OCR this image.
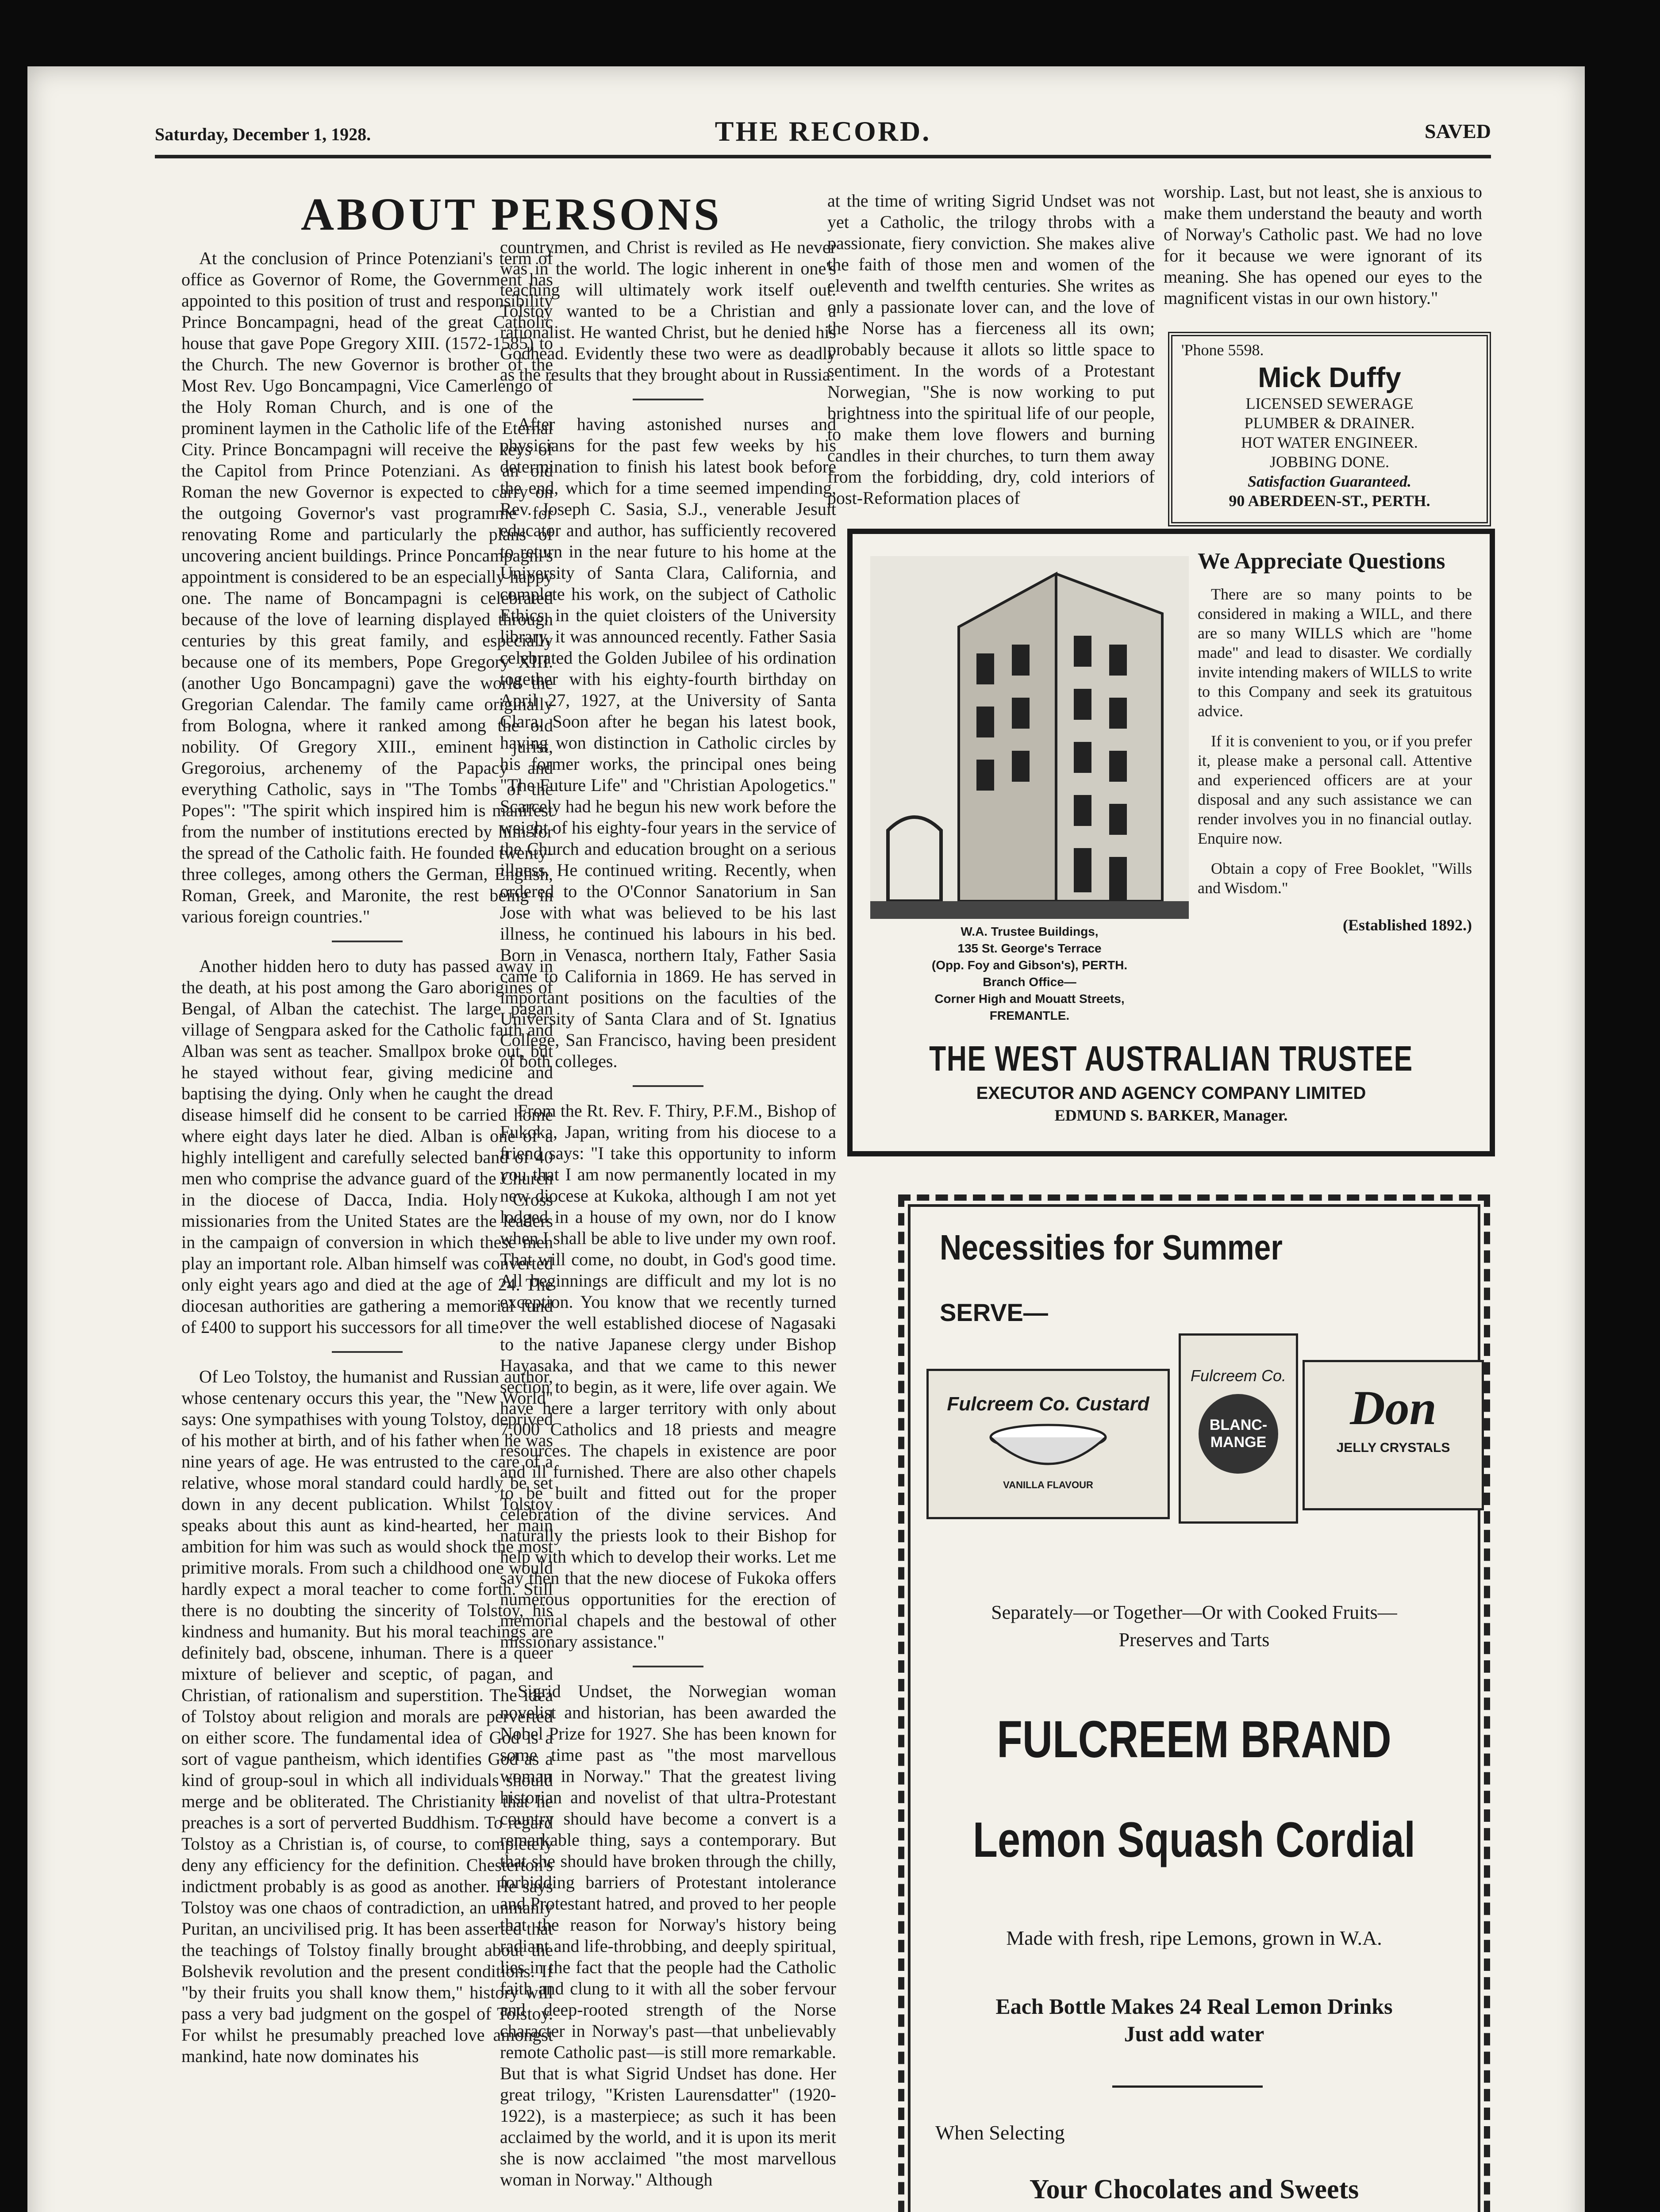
Saturday, December 1, 1928.	THE RECORD.	SAVED
ABOUT PERSONS

At the conclusion of Prince Potenziani's term of office as Governor of Rome, the Government has appointed to this position of trust and responsibility Prince Boncampagni, head of the great Catholic house that gave Pope Gregory XIII. (1572-1585) to the Church. The new Governor is brother of the Most Rev. Ugo Boncampagni, Vice Camerlengo of the Holy Roman Church, and is one of the prominent laymen in the Catholic life of the Eternal City. Prince Boncampagni will receive the keys of the Capitol from Prince Potenziani. As an old Roman the new Governor is expected to carry on the outgoing Governor's vast programme for renovating Rome and particularly the plans of uncovering ancient buildings. Prince Poncampagni's appointment is considered to be an especially happy one. The name of Boncampagni is celebrated because of the love of learning displayed through centuries by this great family, and especially because one of its members, Pope Gregory XIII. (another Ugo Boncampagni) gave the world the Gregorian Calendar. The family came originally from Bologna, where it ranked among the old nobility. Of Gregory XIII., eminent jurist, Gregoroius, archenemy of the Papacy and everything Catholic, says in "The Tombs of the Popes": "The spirit which inspired him is manifest from the number of institutions erected by him for the spread of the Catholic faith. He founded twenty-three colleges, among others the German, English, Roman, Greek, and Maronite, the rest being in various foreign countries."

Another hidden hero to duty has passed away in the death, at his post among the Garo aborigines of Bengal, of Alban the catechist. The large pagan village of Sengpara asked for the Catholic faith and Alban was sent as teacher. Smallpox broke out, but he stayed without fear, giving medicine and baptising the dying. Only when he caught the dread disease himself did he consent to be carried home where eight days later he died. Alban is one of a highly intelligent and carefully selected band of 40 men who comprise the advance guard of the Church in the diocese of Dacca, India. Holy Cross missionaries from the United States are the leaders in the campaign of conversion in which these men play an important role. Alban himself was converted only eight years ago and died at the age of 24. The diocesan authorities are gathering a memorial fund of £400 to support his successors for all time.

Of Leo Tolstoy, the humanist and Russian author, whose centenary occurs this year, the "New World" says: One sympathises with young Tolstoy, deprived of his mother at birth, and of his father when he was nine years of age. He was entrusted to the care of a relative, whose moral standard could hardly be set down in any decent publication. Whilst Tolstoy speaks about this aunt as kind-hearted, her main ambition for him was such as would shock the most primitive morals. From such a childhood one would hardly expect a moral teacher to come forth. Still there is no doubting the sincerity of Tolstoy, his kindness and humanity. But his moral teachings are definitely bad, obscene, inhuman. There is a queer mixture of believer and sceptic, of pagan, and Christian, of rationalism and superstition. The idea of Tolstoy about religion and morals are perverted on either score. The fundamental idea of God is a sort of vague pantheism, which identifies God as a kind of group-soul in which all individuals should merge and be obliterated. The Christianity that he preaches is a sort of perverted Buddhism. To regard Tolstoy as a Christian is, of course, to completely deny any efficiency for the definition. Chesterton's indictment probably is as good as another. He says Tolstoy was one chaos of contradiction, an unmanly Puritan, an uncivilised prig. It has been asserted that the teachings of Tolstoy finally brought about the Bolshevik revolution and the present conditions. If "by their fruits you shall know them," history will pass a very bad judgment on the gospel of Tolstoy. For whilst he presumably preached love amongst mankind, hate now dominates his

countrymen, and Christ is reviled as He never was in the world. The logic inherent in one's teaching will ultimately work itself out. Tolstoy wanted to be a Christian and a rationalist. He wanted Christ, but he denied his Godhead. Evidently these two were as deadly as the results that they brought about in Russia.

After having astonished nurses and physicians for the past few weeks by his determination to finish his latest book before the end, which for a time seemed impending, Rev. Joseph C. Sasia, S.J., venerable Jesuit educator and author, has sufficiently recovered to return in the near future to his home at the University of Santa Clara, California, and complete his work, on the subject of Catholic Ethics, in the quiet cloisters of the University library, it was announced recently. Father Sasia celebrated the Golden Jubilee of his ordination together with his eighty-fourth birthday on April 27, 1927, at the University of Santa Clara. Soon after he began his latest book, having won distinction in Catholic circles by his former works, the principal ones being "The Future Life" and "Christian Apologetics." Scarcely had he begun his new work before the weight of his eighty-four years in the service of the Church and education brought on a serious illness. He continued writing. Recently, when ordered to the O'Connor Sanatorium in San Jose with what was believed to be his last illness, he continued his labours in his bed. Born in Venasca, northern Italy, Father Sasia came to California in 1869. He has served in important positions on the faculties of the University of Santa Clara and of St. Ignatius College, San Francisco, having been president of both colleges.

From the Rt. Rev. F. Thiry, P.F.M., Bishop of Fukoka, Japan, writing from his diocese to a friend says: "I take this opportunity to inform you that I am now permanently located in my new diocese at Kukoka, although I am not yet lodged in a house of my own, nor do I know when I shall be able to live under my own roof. That will come, no doubt, in God's good time. All beginnings are difficult and my lot is no exception. You know that we recently turned over the well established diocese of Nagasaki to the native Japanese clergy under Bishop Hayasaka, and that we came to this newer section to begin, as it were, life over again. We have here a larger territory with only about 7,000 Catholics and 18 priests and meagre resources. The chapels in existence are poor and ill furnished. There are also other chapels to be built and fitted out for the proper celebration of the divine services. And naturally the priests look to their Bishop for help with which to develop their works. Let me say then that the new diocese of Fukoka offers numerous opportunities for the erection of memorial chapels and the bestowal of other missionary assistance."

Sigrid Undset, the Norwegian woman novelist and historian, has been awarded the Nobel Prize for 1927. She has been known for some time past as "the most marvellous woman in Norway." That the greatest living historian and novelist of that ultra-Protestant country should have become a convert is a remarkable thing, says a contemporary. But that she should have broken through the chilly, forbidding barriers of Protestant intolerance and Protestant hatred, and proved to her people that the reason for Norway's history being radiant and life-throbbing, and deeply spiritual, lies in the fact that the people had the Catholic faith and clung to it with all the sober fervour and deep-rooted strength of the Norse character in Norway's past—that unbelievably remote Catholic past—is still more remarkable. But that is what Sigrid Undset has done. Her great trilogy, "Kristen Laurensdatter" (1920-1922), is a masterpiece; as such it has been acclaimed by the world, and it is upon its merit she is now acclaimed "the most marvellous woman in Norway." Although

at the time of writing Sigrid Undset was not yet a Catholic, the trilogy throbs with a passionate, fiery conviction. She makes alive the faith of those men and women of the eleventh and twelfth centuries. She writes as only a passionate lover can, and the love of the Norse has a fierceness all its own; probably because it allots so little space to sentiment. In the words of a Protestant Norwegian, "She is now working to put brightness into the spiritual life of our people, to make them love flowers and burning candles in their churches, to turn them away from the forbidding, dry, cold interiors of post-Reformation places of

worship. Last, but not least, she is anxious to make them understand the beauty and worth of Norway's Catholic past. We had no love for it because we were ignorant of its meaning. She has opened our eyes to the magnificent vistas in our own history."

'Phone 5598.
Mick Duffy
LICENSED SEWERAGE
PLUMBER & DRAINER.
HOT WATER ENGINEER.
JOBBING DONE.
Satisfaction Guaranteed.
90 ABERDEEN-ST., PERTH.
W.A. Trustee Buildings,
135 St. George's Terrace
(Opp. Foy and Gibson's), PERTH.
Branch Office—
Corner High and Mouatt Streets,
FREMANTLE.
We Appreciate Questions

There are so many points to be considered in making a WILL, and there are so many WILLS which are "home made" and lead to disaster. We cordially invite intending makers of WILLS to write to this Company and seek its gratuitous advice.

If it is convenient to you, or if you prefer it, please make a personal call. Attentive and experienced officers are at your disposal and any such assistance we can render involves you in no financial outlay. Enquire now.

Obtain a copy of Free Booklet, "Wills and Wisdom."

(Established 1892.)
THE WEST AUSTRALIAN TRUSTEE
EXECUTOR AND AGENCY COMPANY LIMITED
EDMUND S. BARKER, Manager.
Necessities for Summer
SERVE—
Fulcreem Co. Custard
VANILLA FLAVOUR
Fulcreem Co.
BLANC-MANGE
Don
JELLY CRYSTALS
Separately—or Together—Or with Cooked Fruits—
Preserves and Tarts
FULCREEM BRAND
Lemon Squash Cordial
Made with fresh, ripe Lemons, grown in W.A.
Each Bottle Makes 24 Real Lemon Drinks
Just add water
When Selecting
Your Chocolates and Sweets
